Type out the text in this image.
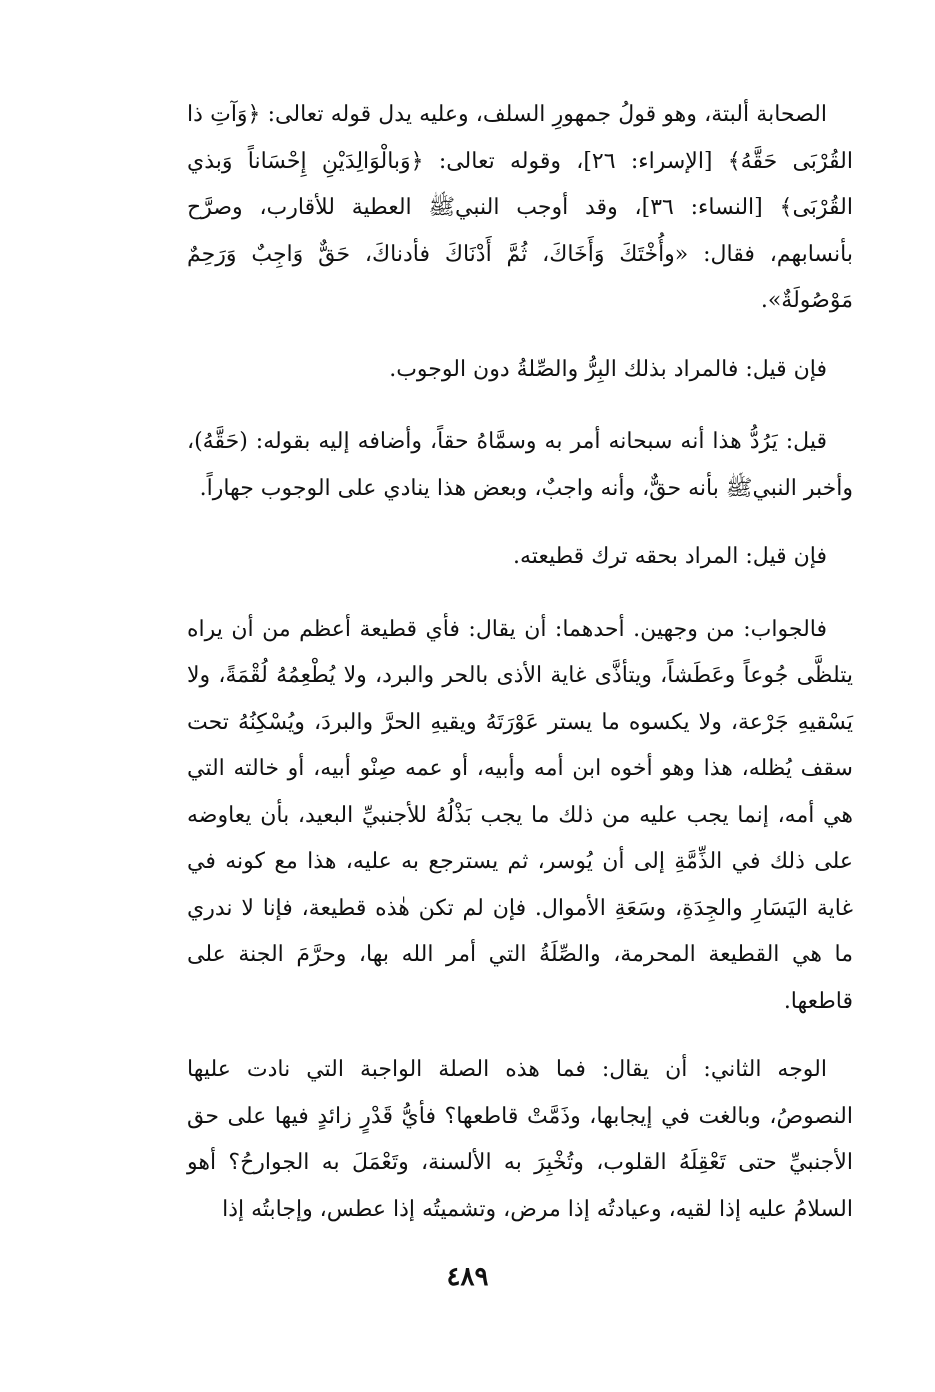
الصحابة ألبتة، وهو قولُ جمهورِ السلف، وعليه يدل قوله تعالى: ﴿وَآتِ ذا القُرْبَى حَقَّهُ﴾ [الإسراء: ٢٦]، وقوله تعالى: ﴿وَبالْوَالِدَيْنِ إِحْسَاناً وَبذي القُرْبَى﴾ [النساء: ٣٦]، وقد أوجب النبيﷺ العطية للأقارب، وصرَّح بأنسابهم، فقال: «وأُخْتَكَ وَأَخَاكَ، ثُمَّ أَدْنَاكَ فأدناكَ، حَقٌّ وَاجِبٌ وَرَحِمٌ مَوْصُولَةٌ».

فإن قيل: فالمراد بذلك البِرُّ والصِّلةُ دون الوجوب.

قيل: يَرُدُّ هذا أنه سبحانه أمر به وسمَّاهُ حقاً، وأضافه إليه بقوله: (حَقَّهُ)، وأخبر النبيﷺ بأنه حقٌّ، وأنه واجبٌ، وبعض هذا ينادي على الوجوب جهاراً.

فإن قيل: المراد بحقه ترك قطيعته.

فالجواب: من وجهين. أحدهما: أن يقال: فأي قطيعة أعظم من أن يراه يتلظَّى جُوعاً وعَطَشاً، ويتأذَّى غاية الأذى بالحر والبرد، ولا يُطْعِمُهُ لُقْمَةً، ولا يَسْقيهِ جَرْعة، ولا يكسوه ما يستر عَوْرَتَهُ ويقيهِ الحرَّ والبردَ، ويُسْكِنُهُ تحت سقف يُظله، هذا وهو أخوه ابن أمه وأبيه، أو عمه صِنْو أبيه، أو خالته التي هي أمه، إنما يجب عليه من ذلك ما يجب بَذْلُهُ للأجنبيِّ البعيد، بأن يعاوضه على ذلك في الذِّمَّةِ إلى أن يُوسر، ثم يسترجع به عليه، هذا مع كونه في غاية اليَسَارِ والجِدَةِ، وسَعَةِ الأموال. فإن لم تكن هٰذه قطيعة، فإنا لا ندري ما هي القطيعة المحرمة، والصِّلَةُ التي أمر الله بها، وحرَّمَ الجنة على قاطعها.

الوجه الثاني: أن يقال: فما هذه الصلة الواجبة التي نادت عليها النصوصُ، وبالغت في إيجابها، وذَمَّتْ قاطعها؟ فأيُّ قَدْرٍ زائدٍ فيها على حق الأجنبيِّ حتى تَعْقِلَهُ القلوب، وتُخْبِرَ به الألسنة، وتَعْمَلَ به الجوارحُ؟ أهو السلامُ عليه إذا لقيه، وعيادتُه إذا مرض، وتشميتُه إذا عطس، وإجابتُه إذا

٤٨٩
